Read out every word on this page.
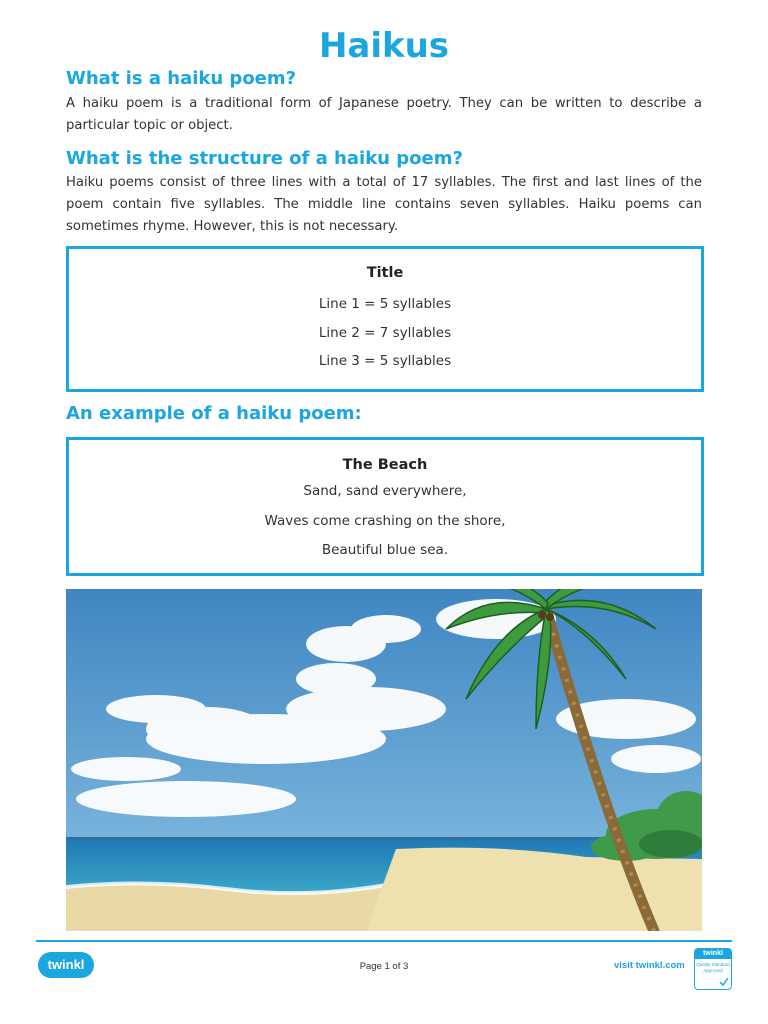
Haikus
What is a haiku poem?

A haiku poem is a traditional form of Japanese poetry. They can be written to describe a particular topic or object.

What is the structure of a haiku poem?

Haiku poems consist of three lines with a total of 17 syllables. The first and last lines of the poem contain five syllables. The middle line contains seven syllables. Haiku poems can sometimes rhyme. However, this is not necessary.

Title
Line 1 = 5 syllables
Line 2 = 7 syllables
Line 3 = 5 syllables
An example of a haiku poem:
The Beach
Sand, sand everywhere,
Waves come crashing on the shore,
Beautiful blue sea.
twinkl	Page 1 of 3	visit twinkl.com
twinkl
Quality Standard Approved
